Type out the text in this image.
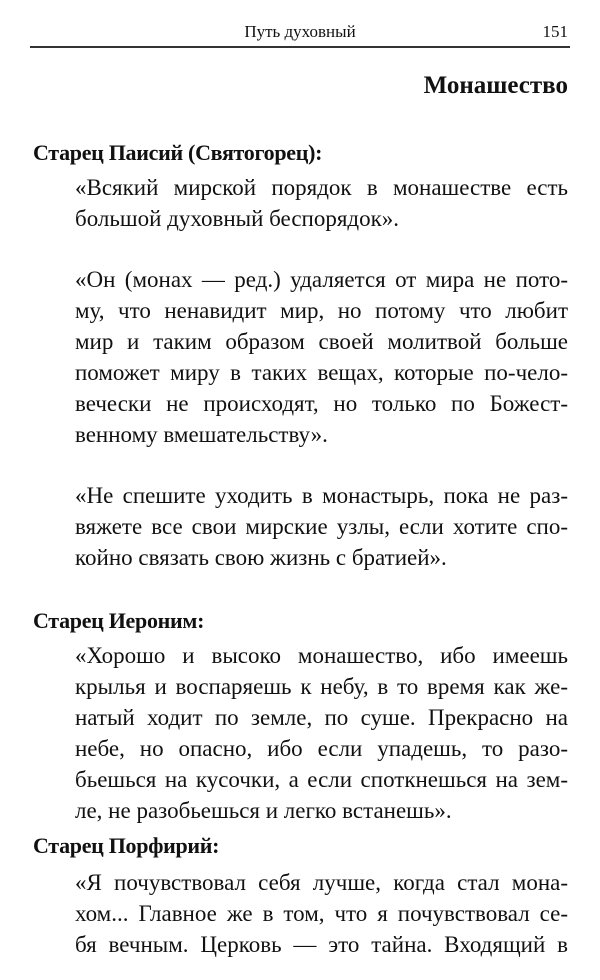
Путь духовный	151
Монашество
Старец Паисий (Святогорец):
«Всякий мирской порядок в монашестве есть
большой духовный беспорядок».
«Он (монах — ред.) удаляется от мира не пото-
му, что ненавидит мир, но потому что любит
мир и таким образом своей молитвой больше
поможет миру в таких вещах, которые по-чело-
вечески не происходят, но только по Божест-
венному вмешательству».
«Не спешите уходить в монастырь, пока не раз-
вяжете все свои мирские узлы, если хотите спо-
койно связать свою жизнь с братией».
Старец Иероним:
«Хорошо и высоко монашество, ибо имеешь
крылья и воспаряешь к небу, в то время как же-
натый ходит по земле, по суше. Прекрасно на
небе, но опасно, ибо если упадешь, то разо-
бьешься на кусочки, а если споткнешься на зем-
ле, не разобьешься и легко встанешь».
Старец Порфирий:
«Я почувствовал себя лучше, когда стал мона-
хом... Главное же в том, что я почувствовал се-
бя вечным. Церковь — это тайна. Входящий в
